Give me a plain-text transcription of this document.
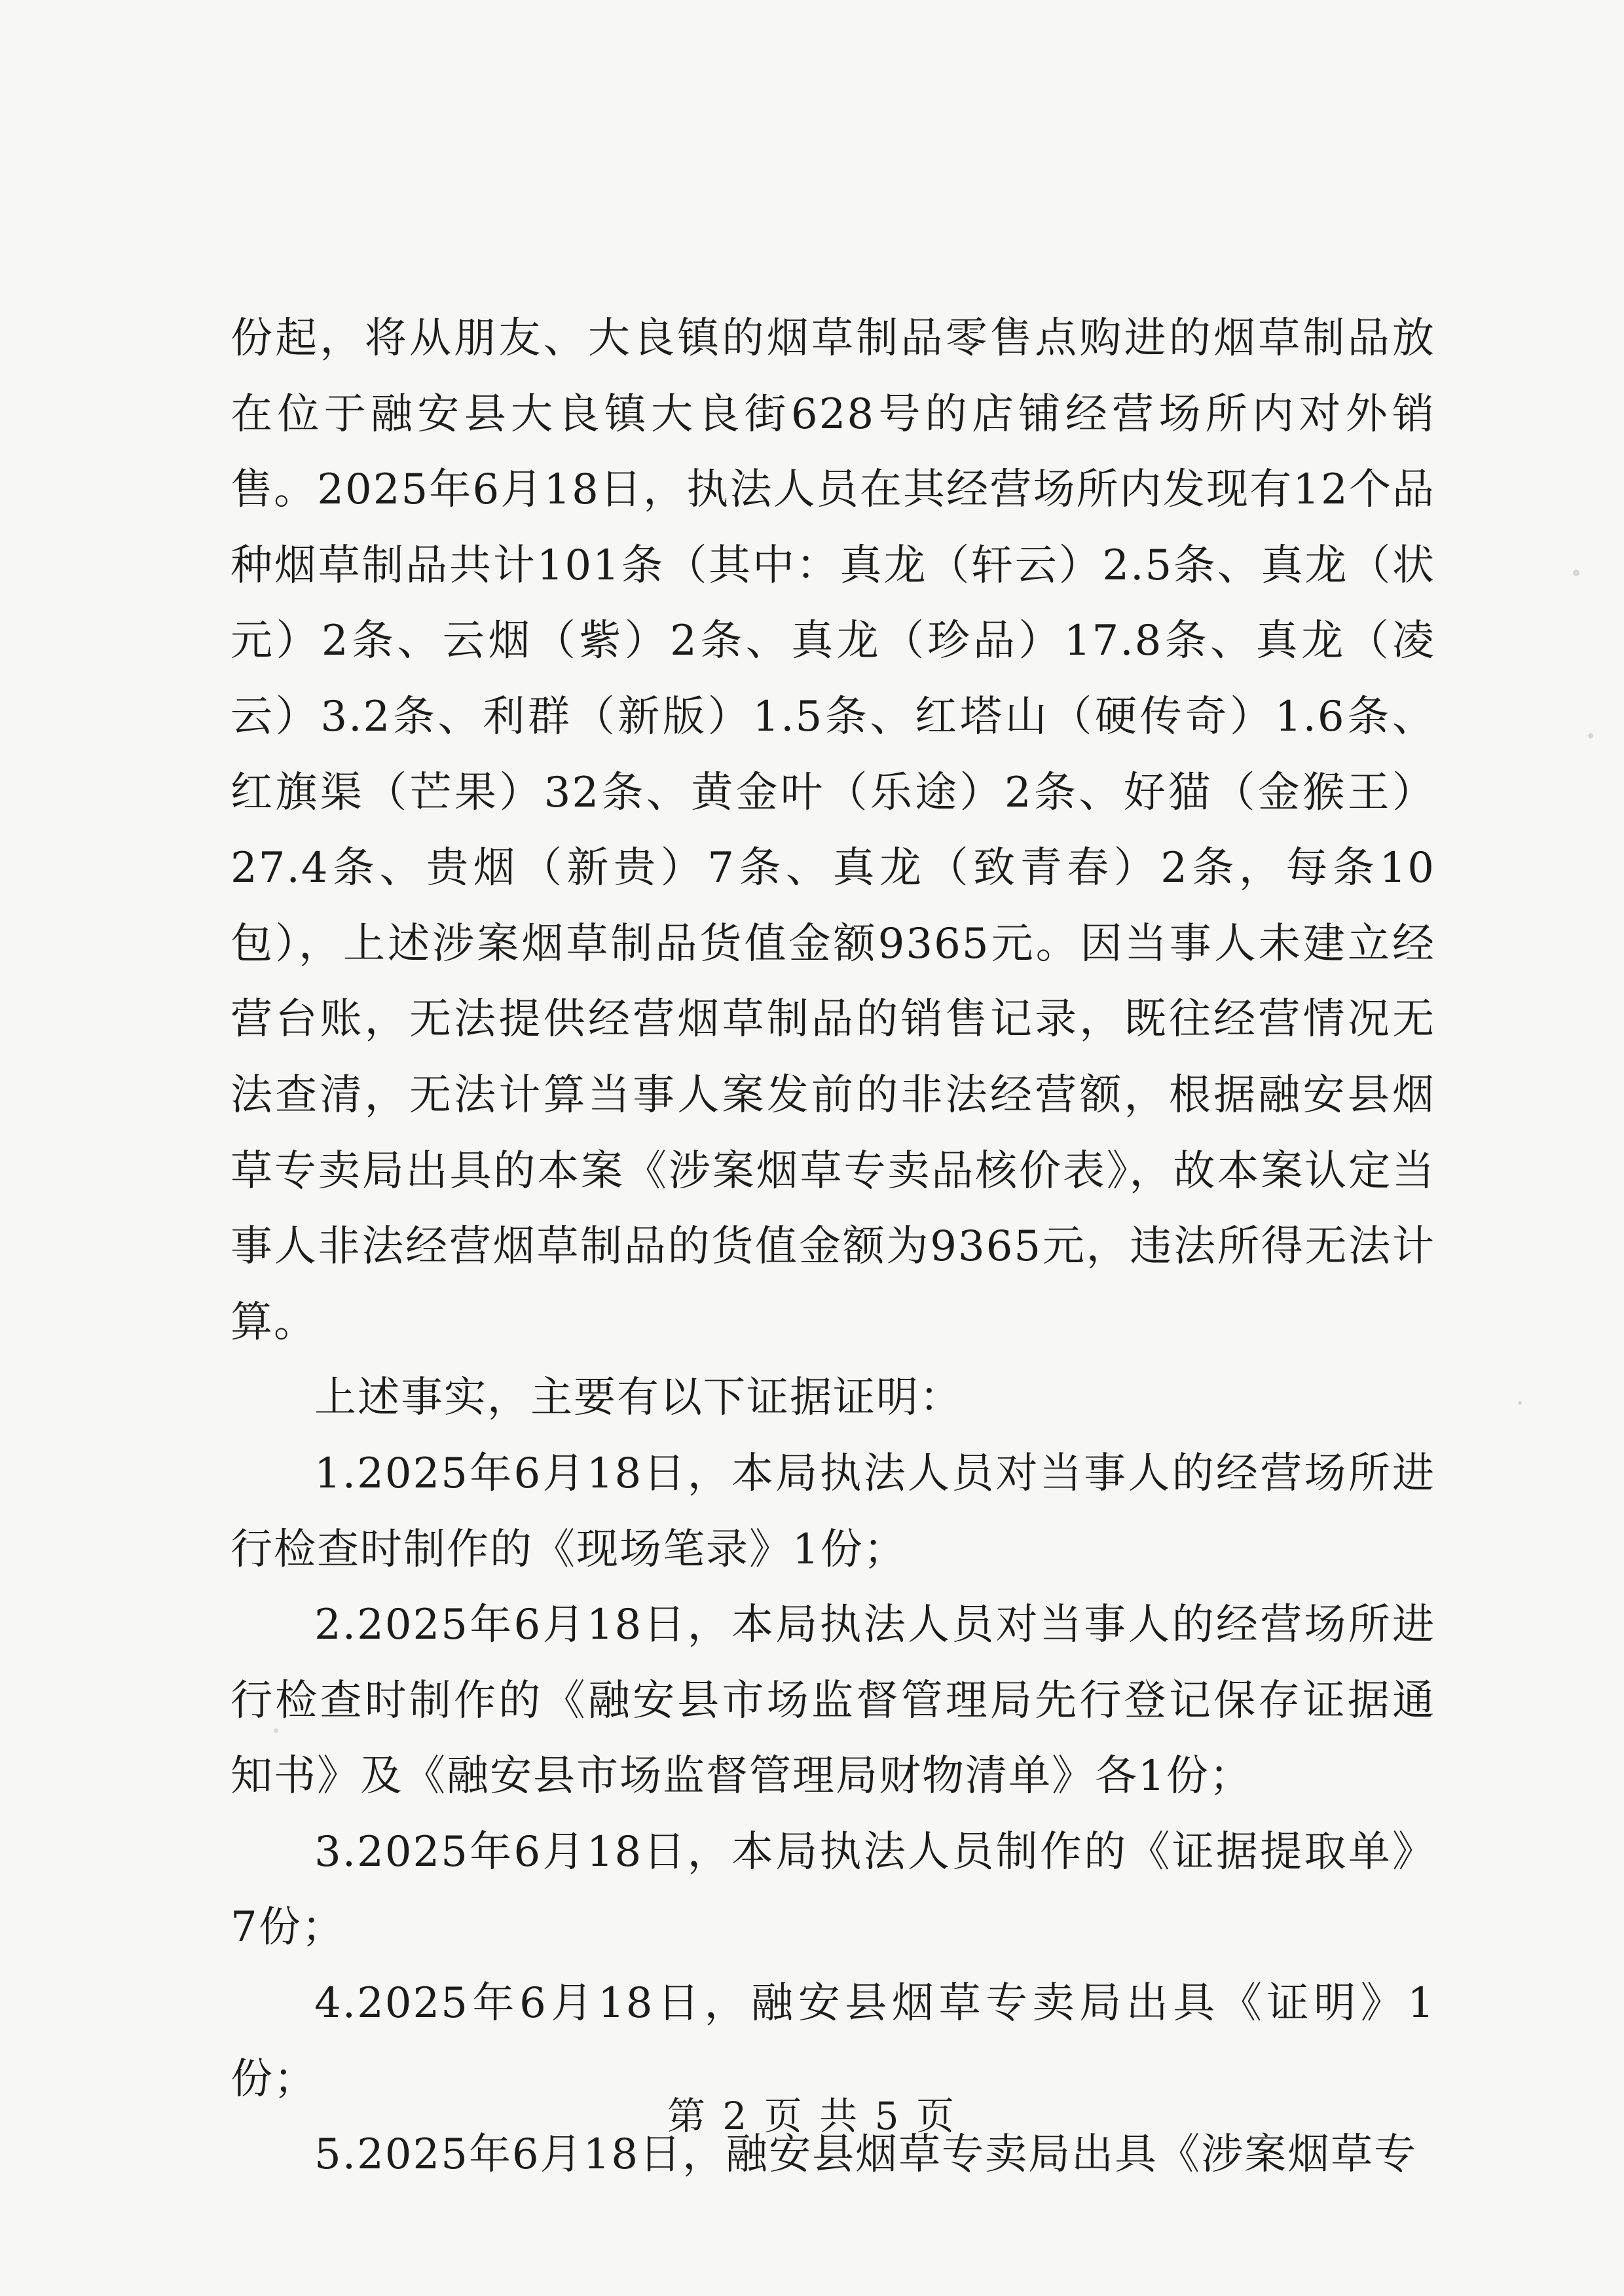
份起，将从朋友、大良镇的烟草制品零售点购进的烟草制品放在位于融安县大良镇大良街628号的店铺经营场所内对外销售。2025年6月18日，执法人员在其经营场所内发现有12个品种烟草制品共计101条（其中：真龙（轩云）2.5条、真龙（状元）2条、云烟（紫）2条、真龙（珍品）17.8条、真龙（凌云）3.2条、利群（新版）1.5条、红塔山（硬传奇）1.6条、红旗渠（芒果）32条、黄金叶（乐途）2条、好猫（金猴王）27.4条、贵烟（新贵）7条、真龙（致青春）2条，每条10包），上述涉案烟草制品货值金额9365元。因当事人未建立经营台账，无法提供经营烟草制品的销售记录，既往经营情况无法查清，无法计算当事人案发前的非法经营额，根据融安县烟草专卖局出具的本案《涉案烟草专卖品核价表》，故本案认定当事人非法经营烟草制品的货值金额为9365元，违法所得无法计算。

上述事实，主要有以下证据证明：

1.2025年6月18日，本局执法人员对当事人的经营场所进行检查时制作的《现场笔录》1份；

2.2025年6月18日，本局执法人员对当事人的经营场所进行检查时制作的《融安县市场监督管理局先行登记保存证据通知书》及《融安县市场监督管理局财物清单》各1份；

3.2025年6月18日，本局执法人员制作的《证据提取单》7份；

4.2025年6月18日，融安县烟草专卖局出具《证明》1份；

5.2025年6月18日，融安县烟草专卖局出具《涉案烟草专

第 2 页 共 5 页
